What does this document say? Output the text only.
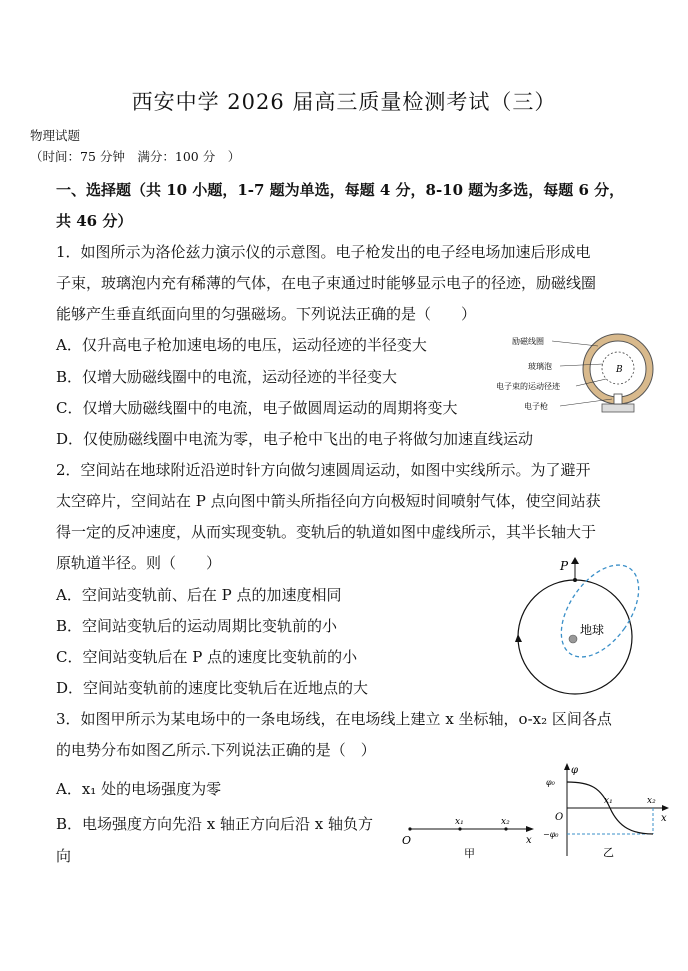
西安中学 2026 届高三质量检测考试（三）
物理试题
（时间：75 分钟　满分：100 分　）
一、选择题（共 10 小题，1-7 题为单选，每题 4 分，8-10 题为多选，每题 6 分，
共 46 分）
1．如图所示为洛伦兹力演示仪的示意图。电子枪发出的电子经电场加速后形成电
子束，玻璃泡内充有稀薄的气体，在电子束通过时能够显示电子的径迹，励磁线圈
能够产生垂直纸面向里的匀强磁场。下列说法正确的是（　　）
A．仅升高电子枪加速电场的电压，运动径迹的半径变大
B．仅增大励磁线圈中的电流，运动径迹的半径变大
C．仅增大励磁线圈中的电流，电子做圆周运动的周期将变大
D．仅使励磁线圈中电流为零，电子枪中飞出的电子将做匀加速直线运动
B
励磁线圈
玻璃泡
电子束的运动径迹
电子枪
2．空间站在地球附近沿逆时针方向做匀速圆周运动，如图中实线所示。为了避开
太空碎片，空间站在 P 点向图中箭头所指径向方向极短时间喷射气体，使空间站获
得一定的反冲速度，从而实现变轨。变轨后的轨道如图中虚线所示，其半长轴大于
原轨道半径。则（　　）
A．空间站变轨前、后在 P 点的加速度相同
B．空间站变轨后的运动周期比变轨前的小
C．空间站变轨后在 P 点的速度比变轨前的小
D．空间站变轨前的速度比变轨后在近地点的大
P
地球
3．如图甲所示为某电场中的一条电场线，在电场线上建立 x 坐标轴，o-x₂ 区间各点
的电势分布如图乙所示.下列说法正确的是（　）
A．x₁ 处的电场强度为零
B．电场强度方向先沿 x 轴正方向后沿 x 轴负方
向
O
x₁	x₂
x
甲
φ
φ₀
O
−φ₀
x₁	x₂
x
乙
